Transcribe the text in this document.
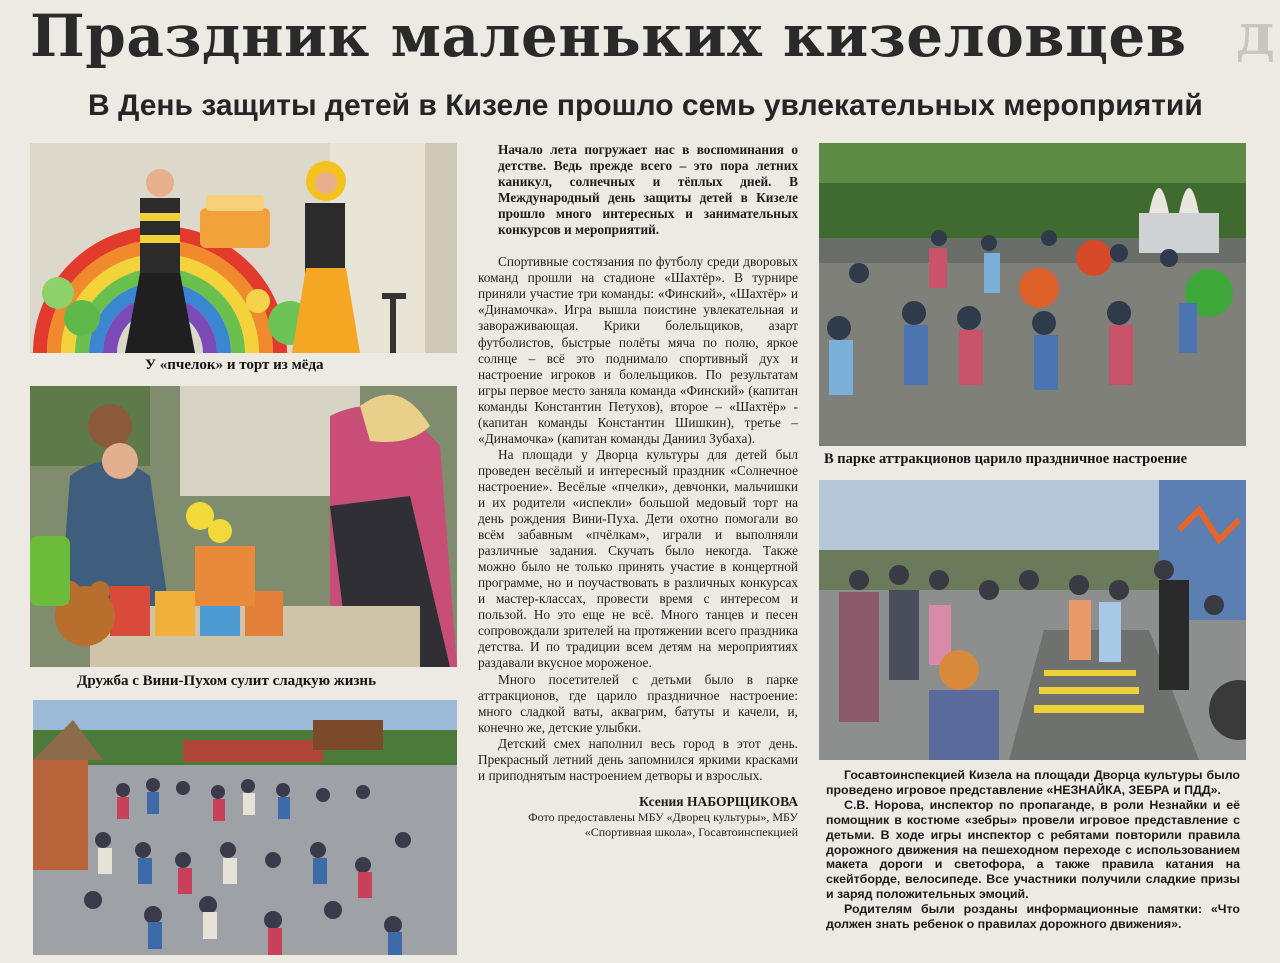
Праздник маленьких кизеловцев д
В День защиты детей в Кизеле прошло семь увлекательных мероприятий
У «пчелок» и торт из мёда
Дружба с Вини-Пухом сулит сладкую жизнь

Начало лета погружает нас в воспоминания о детстве. Ведь прежде всего – это пора летних каникул, солнечных и тёплых дней. В Международный день защиты детей в Кизеле прошло много интересных и занимательных конкурсов и мероприятий.

Спортивные состязания по футболу среди дворовых команд прошли на стадионе «Шахтёр». В турнире приняли участие три команды: «Финский», «Шахтёр» и «Динамочка». Игра вышла поистине увлекательная и завораживающая. Крики болельщиков, азарт футболистов, быстрые полёты мяча по полю, яркое солнце – всё это поднимало спортивный дух и настроение игроков и болельщиков. По результатам игры первое место заняла команда «Финский» (капитан команды Константин Петухов), второе – «Шахтёр» - (капитан команды Константин Шишкин), третье – «Динамочка» (капитан команды Даниил Зубаха).

На площади у Дворца культуры для детей был проведен весёлый и интересный праздник «Солнечное настроение». Весёлые «пчелки», девчонки, мальчишки и их родители «испекли» большой медовый торт на день рождения Вини-Пуха. Дети охотно помогали во всём забавным «пчёлкам», играли и выполняли различные задания. Скучать было некогда. Также можно было не только принять участие в концертной программе, но и поучаствовать в различных конкурсах и мастер-классах, провести время с интересом и пользой. Но это еще не всё. Много танцев и песен сопровождали зрителей на протяжении всего праздника детства. И по традиции всем детям на мероприятиях раздавали вкусное мороженое.

Много посетителей с детьми было в парке аттракционов, где царило праздничное настроение: много сладкой ваты, аквагрим, батуты и качели, и, конечно же, детские улыбки.

Детский смех наполнил весь город в этот день. Прекрасный летний день запомнился яркими красками и приподнятым настроением детворы и взрослых.

Ксения НАБОРЩИКОВА

Фото предоставлены МБУ «Дворец культуры», МБУ «Спортивная школа», Госавтоинспекцией

В парке аттракционов царило праздничное настроение

Госавтоинспекцией Кизела на площади Дворца культуры было проведено игровое представление «НЕЗНАЙКА, ЗЕБРА и ПДД».

С.В. Норова, инспектор по пропаганде, в роли Незнайки и её помощник в костюме «зебры» провели игровое представление с детьми. В ходе игры инспектор с ребятами повторили правила дорожного движения на пешеходном переходе с использованием макета дороги и светофора, а также правила катания на скейтборде, велосипеде. Все участники получили сладкие призы и заряд положительных эмоций.

Родителям были розданы информационные памятки: «Что должен знать ребенок о правилах дорожного движения».
